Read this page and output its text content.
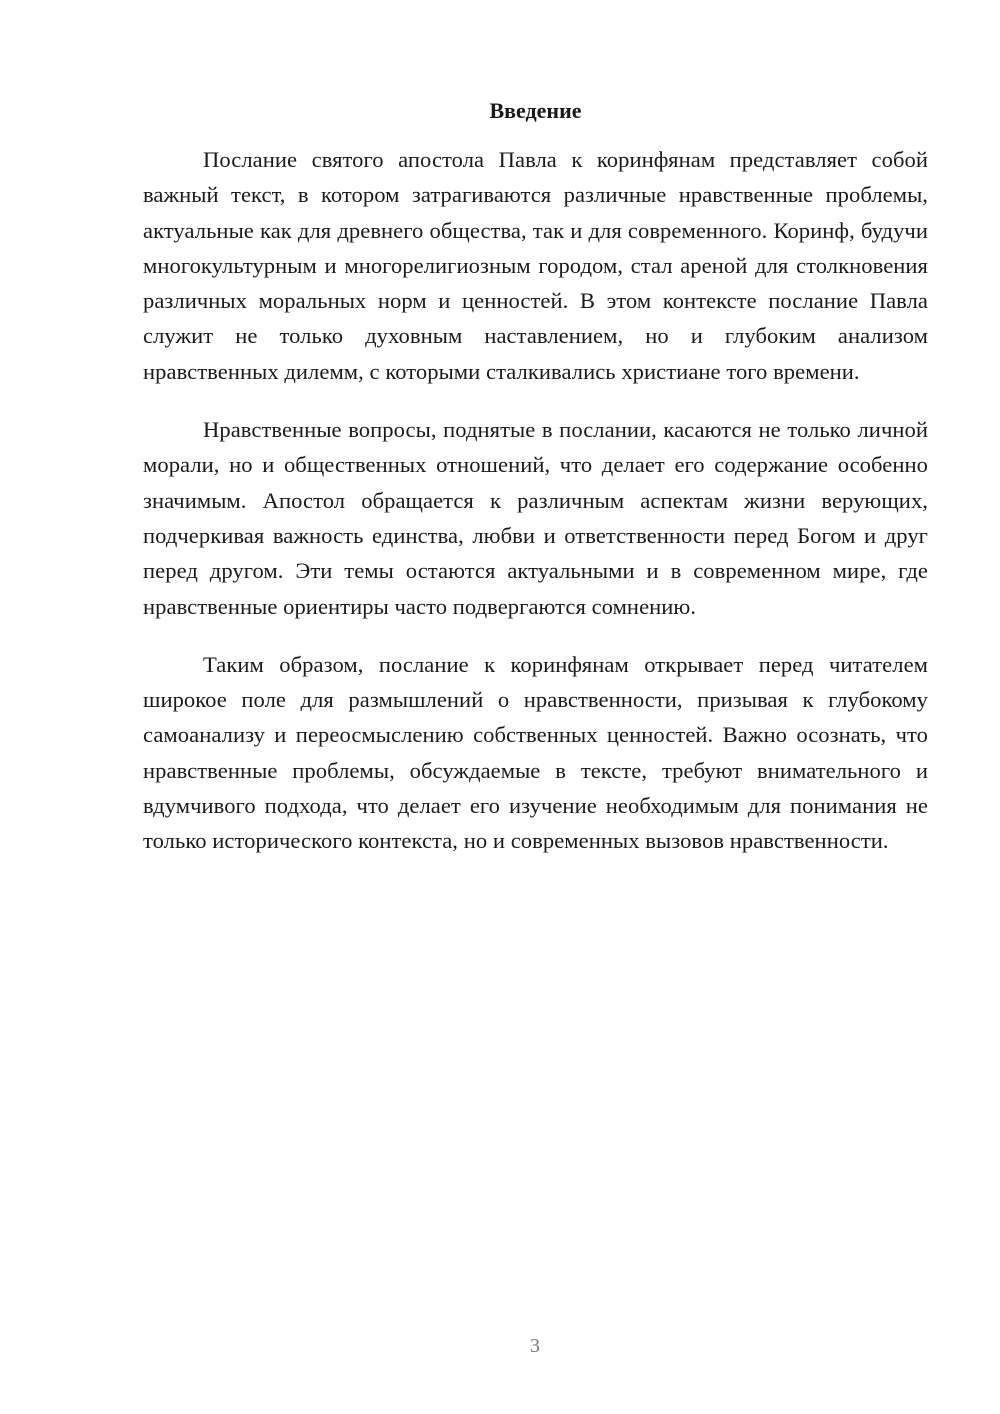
Введение

Послание святого апостола Павла к коринфянам представляет собой важный текст, в котором затрагиваются различные нравственные проблемы, актуальные как для древнего общества, так и для современного. Коринф, будучи многокультурным и многорелигиозным городом, стал ареной для столкновения различных моральных норм и ценностей. В этом контексте послание Павла служит не только духовным наставлением, но и глубоким анализом нравственных дилемм, с которыми сталкивались христиане того времени.

Нравственные вопросы, поднятые в послании, касаются не только личной морали, но и общественных отношений, что делает его содержание особенно значимым. Апостол обращается к различным аспектам жизни верующих, подчеркивая важность единства, любви и ответственности перед Богом и друг перед другом. Эти темы остаются актуальными и в современном мире, где нравственные ориентиры часто подвергаются сомнению.

Таким образом, послание к коринфянам открывает перед читателем широкое поле для размышлений о нравственности, призывая к глубокому самоанализу и переосмыслению собственных ценностей. Важно осознать, что нравственные проблемы, обсуждаемые в тексте, требуют внимательного и вдумчивого подхода, что делает его изучение необходимым для понимания не только исторического контекста, но и современных вызовов нравственности.

3
